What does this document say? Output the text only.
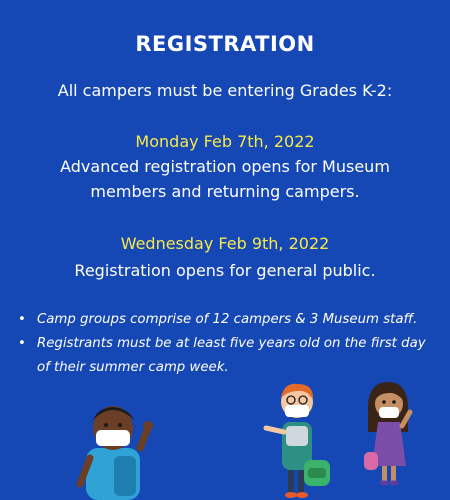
REGISTRATION
All campers must be entering Grades K-2:
Monday Feb 7th, 2022
Advanced registration opens for Museum
members and returning campers.
Wednesday Feb 9th, 2022
Registration opens for general public.
• Camp groups comprise of 12 campers & 3 Museum staff.
• Registrants must be at least five years old on the first day of their summer camp week.
